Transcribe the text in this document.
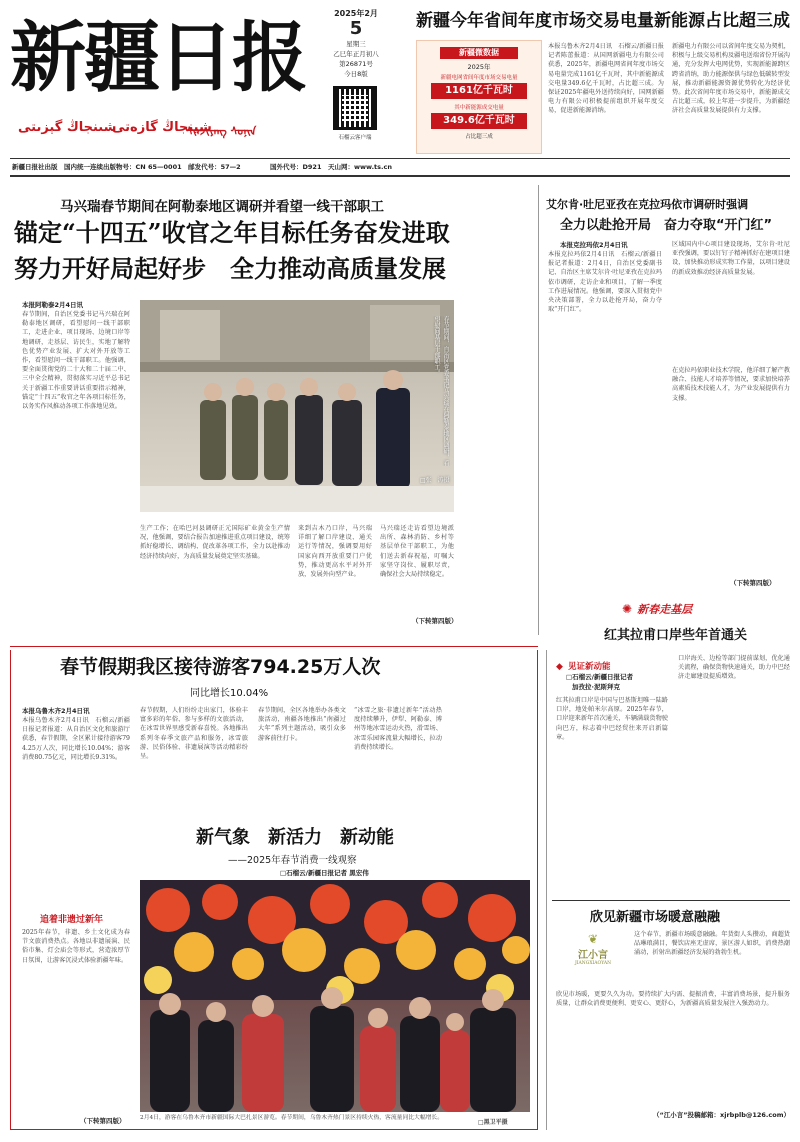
新疆日报
شىنجاڭ گېزىتى
شينجاڭ گازەتى
ᠰᠢᠨᠵᠢᠶᠠᠩ ᠰᠣᠨᠢᠨ
2025年2月
5
星期三
乙巳年正月初八
第26871号
今日8版
石榴云客户端
新疆今年省间年度市场交易电量新能源占比超三成
新疆微数据
2025年
新疆电网省间年度市场交易电量
1161亿千瓦时
其中新能源成交电量
349.6亿千瓦时
占比超三成
本报乌鲁木齐2月4日讯　石榴云/新疆日报记者陈蕾报道：从国网新疆电力有限公司获悉，2025年，新疆电网省间年度市场交易电量完成1161亿千瓦时，其中新能源成交电量349.6亿千瓦时，占比超三成。为保证2025年疆电外送持续向好，国网新疆电力有限公司积极提前组织开展年度交易，促进新能源消纳。
新疆电力有限公司以省间年度交易为契机，积极与上级交易机构及疆电送端省份开展沟通，充分发挥大电网优势，实现新能源跨区跨省消纳，助力能源保供与绿色低碳转型发展，推动新疆能源资源优势转化为经济优势。此次省间年度市场交易中，新能源成交占比超三成，较上年进一步提升，为新疆经济社会高质量发展提供有力支撑。
新疆日报社出版　国内统一连续出版物号：CN 65—0001　邮发代号：57—2	国外代号：D921　天山网：www.ts.cn
马兴瑞春节期间在阿勒泰地区调研并看望一线干部职工
锚定“十四五”收官之年目标任务奋发进取
努力开好局起好步　全力推动高质量发展
本报阿勒泰2月4日讯
春节期间，自治区党委书记马兴瑞在阿勒泰地区调研，看望慰问一线干部职工，走进企业、项目现场、边境口岸等地调研，走基层、访民生，实地了解特色优势产业发展、扩大对外开放等工作，看望慰问一线干部职工。他强调，要全面贯彻党的二十大和二十届二中、三中全会精神，贯彻落实习近平总书记关于新疆工作重要讲话重要指示精神，锚定“十四五”收官之年各项目标任务，以务实作风推动各项工作落地见效。	春节期间，自治区党委书记马兴瑞在阿勒泰地区调研，看望慰问基层干部职工。
□张　涛摄
生产工作；在哈巴河县调研正元国际矿业黄金生产情况，他强调，要结合报告加速推进重点项目建设，统筹抓好稳增长、调结构、促改革各项工作，全力以赴推动经济持续向好，为高质量发展奠定坚实基础。
来到吉木乃口岸，马兴瑞详细了解口岸建设、通关运行等情况，强调要用好国家向西开放重要门户优势，推动更高水平对外开放，发展外向型产业。
马兴瑞还走访看望边境派出所、森林消防、乡村等基层单位干部职工，为他们送去新春祝福，叮嘱大家坚守岗位、履职尽责，确保社会大局持续稳定。
（下转第四版）
艾尔肯·吐尼亚孜在克拉玛依市调研时强调
全力以赴抢开局　奋力夺取“开门红”
本报克拉玛依2月4日讯
本报克拉玛依2月4日讯　石榴云/新疆日报记者报道：2月4日，自治区党委副书记、自治区主席艾尔肯·吐尼亚孜在克拉玛依市调研，走访企业和项目，了解一季度工作进展情况。他强调，要深入贯彻党中央决策部署，全力以赴抢开局，奋力夺取“开门红”。
区域国内中心项目建设现场，艾尔肯·吐尼亚孜强调，要以钉钉子精神抓好在建项目建设，加快推动形成实物工作量，以项目建设的新成效推动经济高质量发展。
在克拉玛依职业技术学院，他详细了解产教融合、技能人才培养等情况，要求加快培养高素质技术技能人才，为产业发展提供有力支撑。
（下转第四版）
✺ 新春走基层
红其拉甫口岸些年首通关
春节假期我区接待游客794.25万人次
同比增长10.04%
本报乌鲁木齐2月4日讯
本报乌鲁木齐2月4日讯　石榴云/新疆日报记者报道：从自治区文化和旅游厅获悉，春节假期，全区累计接待游客794.25万人次，同比增长10.04%；游客消费80.75亿元，同比增长9.31%。
春节假期，人们纷纷走出家门，体验丰富多彩的年俗、参与多样的文旅活动，在冰雪世界里感受新春喜悦。各地推出系列冬春季文旅产品和服务，冰雪旅游、民俗体验、非遗展演等活动精彩纷呈。
春节期间，全区各地举办各类文旅活动，南疆各地推出“南疆过大年”系列主题活动，吸引众多游客前往打卡。
“冰雪之旅·非遗过新年”活动热度持续攀升，伊犁、阿勒泰、博州等地冰雪运动火热，滑雪场、冰雪乐园客流量大幅增长，拉动消费持续增长。
追着非遗过新年
2025年春节，非遗、乡土文化成为春节文旅消费热点。各地以非遗展演、民俗市集、灯会庙会等形式，营造浓厚节日氛围，让游客沉浸式体验新疆年味。
新气象　新活力　新动能
——2025年春节消费一线观察
□石榴云/新疆日报记者 黑宏伟
2月4日，游客在乌鲁木齐市新疆国际大巴扎景区游览。春节期间，乌鲁木齐热门景区持续火热，客流量同比大幅增长。
□黑卫平摄
（下转第四版）
◆ 见证新动能
□石榴云/新疆日报记者
加孜拉·泥斯拜克
红其拉甫口岸是中国与巴基斯坦唯一陆路口岸，地处帕米尔高原。2025年春节，口岸迎来新年首次通关，车辆满载货物驶向巴方，标志着中巴经贸往来开启新篇章。
口岸海关、边检等部门提前谋划，优化通关流程，确保货物快速通关，助力中巴经济走廊建设提质增效。
欣见新疆市场暖意融融
❦
江小言
JIANGXIAOYAN
这个春节，新疆市场暖意融融。年货街人头攒动，商超货品琳琅满目，餐饮店座无虚席，景区游人如织，消费热潮涌动，折射出新疆经济发展的勃勃生机。
欣见市场暖，更要久久为功。要持续扩大内需、提振消费，丰富消费场景，提升服务质量，让群众消费更便利、更安心、更舒心，为新疆高质量发展注入强劲动力。
（“江小言”投稿邮箱：xjrbplb@126.com）
